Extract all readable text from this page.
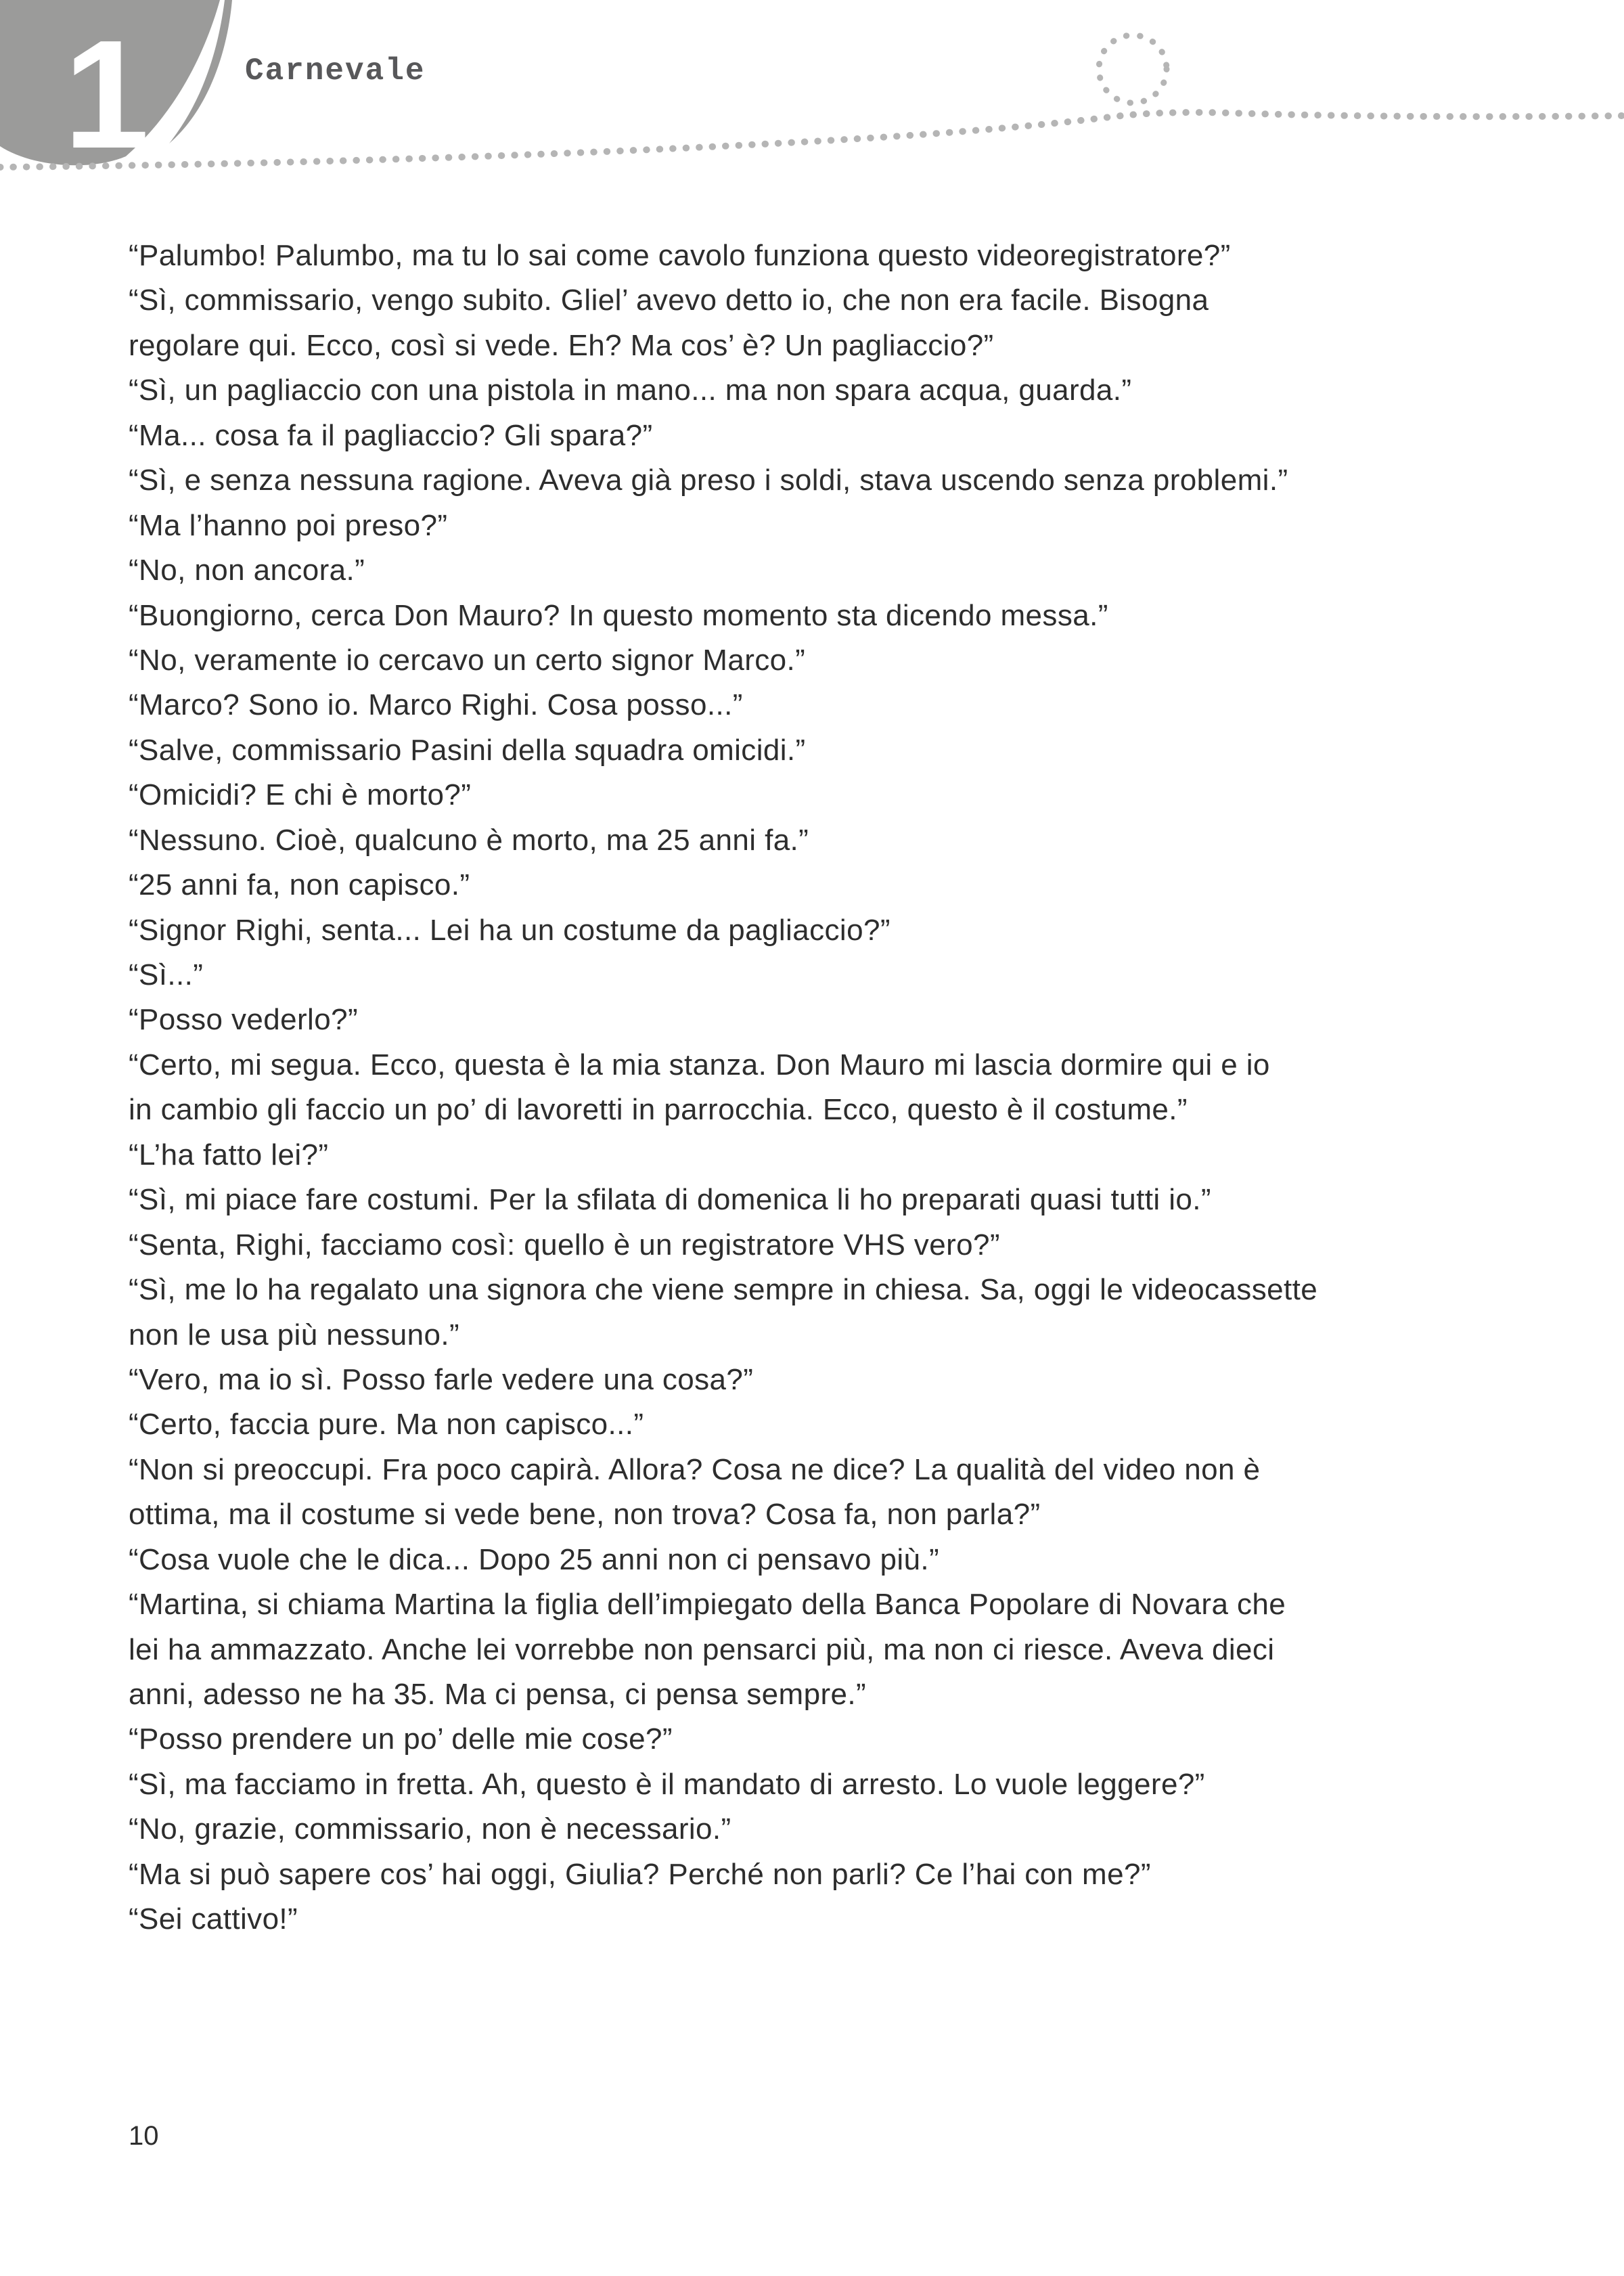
1	Carnevale

“Palumbo! Palumbo, ma tu lo sai come cavolo funziona questo videoregistratore?”

“Sì, commissario, vengo subito. Gliel’ avevo detto io, che non era facile. Bisogna

regolare qui. Ecco, così si vede. Eh? Ma cos’ è? Un pagliaccio?”

“Sì, un pagliaccio con una pistola in mano... ma non spara acqua, guarda.”

“Ma... cosa fa il pagliaccio? Gli spara?”

“Sì, e senza nessuna ragione. Aveva già preso i soldi, stava uscendo senza problemi.”

“Ma l’hanno poi preso?”

“No, non ancora.”

“Buongiorno, cerca Don Mauro? In questo momento sta dicendo messa.”

“No, veramente io cercavo un certo signor Marco.”

“Marco? Sono io. Marco Righi. Cosa posso...”

“Salve, commissario Pasini della squadra omicidi.”

“Omicidi? E chi è morto?”

“Nessuno. Cioè, qualcuno è morto, ma 25 anni fa.”

“25 anni fa, non capisco.”

“Signor Righi, senta... Lei ha un costume da pagliaccio?”

“Sì...”

“Posso vederlo?”

“Certo, mi segua. Ecco, questa è la mia stanza. Don Mauro mi lascia dormire qui e io

in cambio gli faccio un po’ di lavoretti in parrocchia. Ecco, questo è il costume.”

“L’ha fatto lei?”

“Sì, mi piace fare costumi. Per la sfilata di domenica li ho preparati quasi tutti io.”

“Senta, Righi, facciamo così: quello è un registratore VHS vero?”

“Sì, me lo ha regalato una signora che viene sempre in chiesa. Sa, oggi le videocassette

non le usa più nessuno.”

“Vero, ma io sì. Posso farle vedere una cosa?”

“Certo, faccia pure. Ma non capisco...”

“Non si preoccupi. Fra poco capirà. Allora? Cosa ne dice? La qualità del video non è

ottima, ma il costume si vede bene, non trova? Cosa fa, non parla?”

“Cosa vuole che le dica... Dopo 25 anni non ci pensavo più.”

“Martina, si chiama Martina la figlia dell’impiegato della Banca Popolare di Novara che

lei ha ammazzato. Anche lei vorrebbe non pensarci più, ma non ci riesce. Aveva dieci

anni, adesso ne ha 35. Ma ci pensa, ci pensa sempre.”

“Posso prendere un po’ delle mie cose?”

“Sì, ma facciamo in fretta. Ah, questo è il mandato di arresto. Lo vuole leggere?”

“No, grazie, commissario, non è necessario.”

“Ma si può sapere cos’ hai oggi, Giulia? Perché non parli? Ce l’hai con me?”

“Sei cattivo!”

10
